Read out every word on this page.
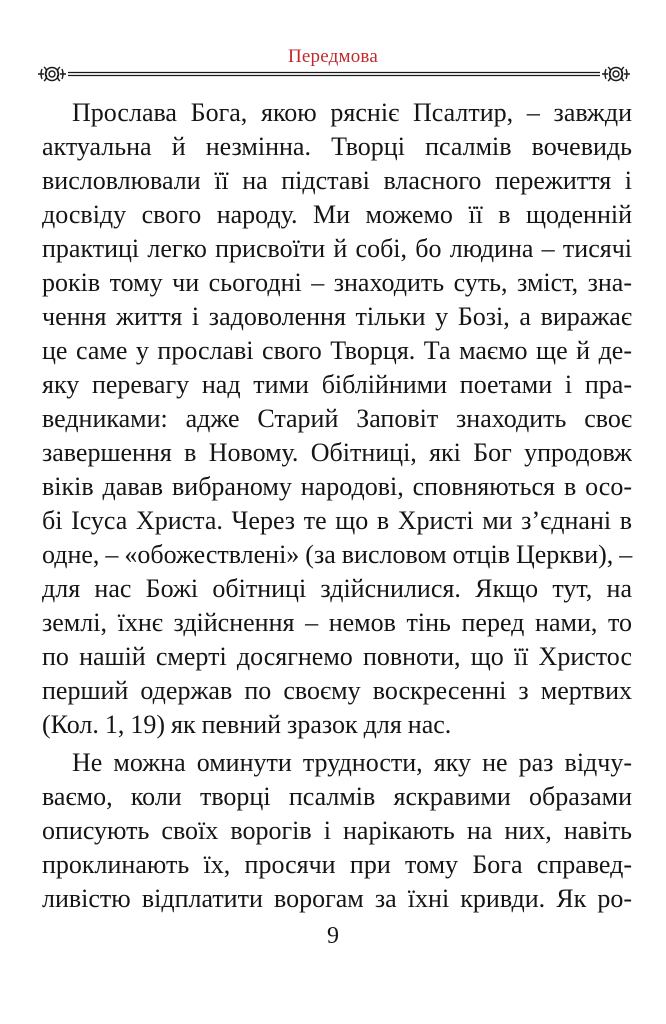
Передмова
Прослава Бога, якою рясніє Псалтир, – завжди
актуальна й незмінна. Творці псалмів вочевидь
висловлювали її на підставі власного пережиття і
досвіду свого народу. Ми можемо її в щоденній
практиці легко присвоїти й собі, бо людина – тисячі
років тому чи сьогодні – знаходить суть, зміст, зна-
чення життя і задоволення тільки у Бозі, а виражає
це саме у прославі свого Творця. Та маємо ще й де-
яку перевагу над тими біблійними поетами і пра-
ведниками: адже Старий Заповіт знаходить своє
завершення в Новому. Обітниці, які Бог упродовж
віків давав вибраному народові, сповняються в осо-
бі Ісуса Христа. Через те що в Христі ми з’єднані в
одне, – «обожествлені» (за висловом отців Церкви), –
для нас Божі обітниці здійснилися. Якщо тут, на
землі, їхнє здійснення – немов тінь перед нами, то
по нашій смерті досягнемо повноти, що її Христос
перший одержав по своєму воскресенні з мертвих
(Кол. 1, 19) як певний зразок для нас.
Не можна оминути трудности, яку не раз відчу-
ваємо, коли творці псалмів яскравими образами
описують своїх ворогів і нарікають на них, навіть
проклинають їх, просячи при тому Бога справед-
ливістю відплатити ворогам за їхні кривди. Як ро-
9
